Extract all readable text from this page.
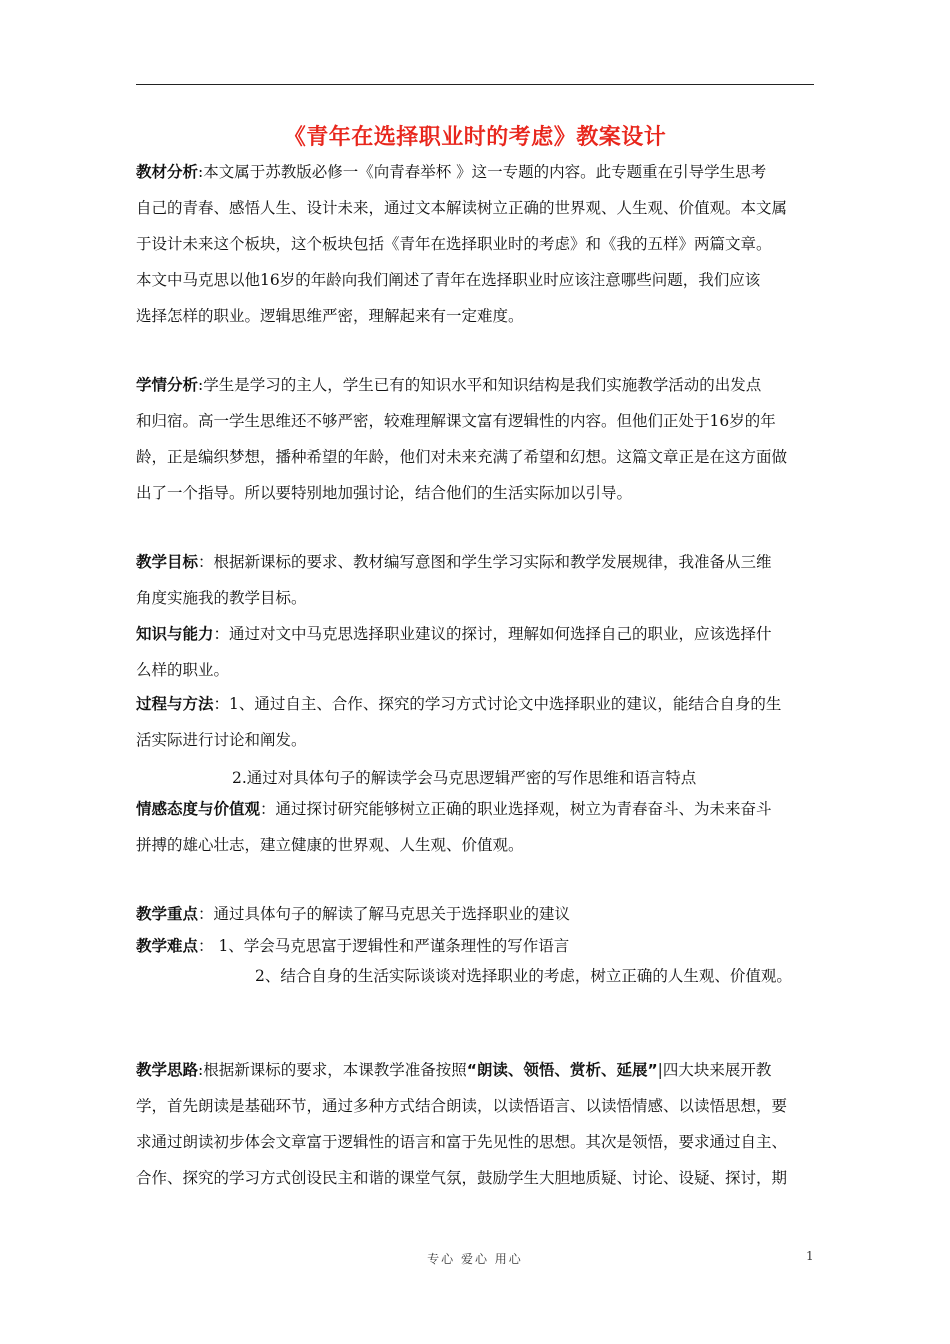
《青年在选择职业时的考虑》教案设计
教材分析:本文属于苏教版必修一《向青春举杯 》这一专题的内容。此专题重在引导学生思考
自己的青春、感悟人生、设计未来，通过文本解读树立正确的世界观、人生观、价值观。本文属
于设计未来这个板块，这个板块包括《青年在选择职业时的考虑》和《我的五样》两篇文章。
本文中马克思以他16岁的年龄向我们阐述了青年在选择职业时应该注意哪些问题，我们应该
选择怎样的职业。逻辑思维严密，理解起来有一定难度。
学情分析:学生是学习的主人，学生已有的知识水平和知识结构是我们实施教学活动的出发点
和归宿。高一学生思维还不够严密，较难理解课文富有逻辑性的内容。但他们正处于16岁的年
龄，正是编织梦想，播种希望的年龄，他们对未来充满了希望和幻想。这篇文章正是在这方面做
出了一个指导。所以要特别地加强讨论，结合他们的生活实际加以引导。
教学目标：根据新课标的要求、教材编写意图和学生学习实际和教学发展规律，我准备从三维
角度实施我的教学目标。
知识与能力：通过对文中马克思选择职业建议的探讨，理解如何选择自己的职业，应该选择什
么样的职业。
过程与方法：1、通过自主、合作、探究的学习方式讨论文中选择职业的建议，能结合自身的生
活实际进行讨论和阐发。
2.通过对具体句子的解读学会马克思逻辑严密的写作思维和语言特点
情感态度与价值观：通过探讨研究能够树立正确的职业选择观，树立为青春奋斗、为未来奋斗
拼搏的雄心壮志，建立健康的世界观、人生观、价值观。
教学重点：通过具体句子的解读了解马克思关于选择职业的建议
教学难点： 1、学会马克思富于逻辑性和严谨条理性的写作语言
2、结合自身的生活实际谈谈对选择职业的考虑，树立正确的人生观、价值观。
教学思路:根据新课标的要求，本课教学准备按照“朗读、领悟、赏析、延展”|四大块来展开教
学，首先朗读是基础环节，通过多种方式结合朗读，以读悟语言、以读悟情感、以读悟思想，要
求通过朗读初步体会文章富于逻辑性的语言和富于先见性的思想。其次是领悟，要求通过自主、
合作、探究的学习方式创设民主和谐的课堂气氛，鼓励学生大胆地质疑、讨论、设疑、探讨，期
专心 爱心 用心	1
